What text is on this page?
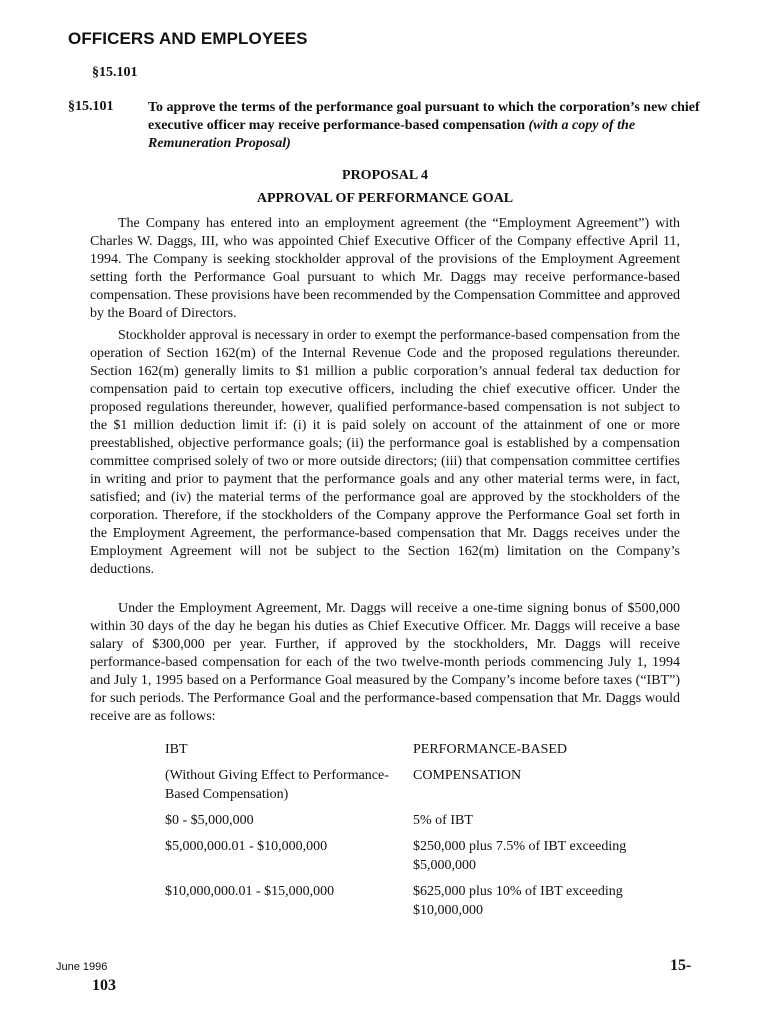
OFFICERS AND EMPLOYEES
§15.101
§15.101 To approve the terms of the performance goal pursuant to which the corporation’s new chief executive officer may receive performance-based compensation (with a copy of the Remuneration Proposal)
PROPOSAL 4
APPROVAL OF PERFORMANCE GOAL
The Company has entered into an employment agreement (the “Employment Agreement”) with Charles W. Daggs, III, who was appointed Chief Executive Officer of the Company effective April 11, 1994. The Company is seeking stockholder approval of the provisions of the Employment Agreement setting forth the Performance Goal pursuant to which Mr. Daggs may receive performance-based compensation. These provisions have been recommended by the Compensation Committee and approved by the Board of Directors.
Stockholder approval is necessary in order to exempt the performance-based compensation from the operation of Section 162(m) of the Internal Revenue Code and the proposed regulations thereunder. Section 162(m) generally limits to $1 million a public corporation’s annual federal tax deduction for compensation paid to certain top executive officers, including the chief executive officer. Under the proposed regulations thereunder, however, qualified performance-based compensation is not subject to the $1 million deduction limit if: (i) it is paid solely on account of the attainment of one or more preestablished, objective performance goals; (ii) the performance goal is established by a compensation committee comprised solely of two or more outside directors; (iii) that compensation committee certifies in writing and prior to payment that the performance goals and any other material terms were, in fact, satisfied; and (iv) the material terms of the performance goal are approved by the stockholders of the corporation. Therefore, if the stockholders of the Company approve the Performance Goal set forth in the Employment Agreement, the performance-based compensation that Mr. Daggs receives under the Employment Agreement will not be subject to the Section 162(m) limitation on the Company’s deductions.
Under the Employment Agreement, Mr. Daggs will receive a one-time signing bonus of $500,000 within 30 days of the day he began his duties as Chief Executive Officer. Mr. Daggs will receive a base salary of $300,000 per year. Further, if approved by the stockholders, Mr. Daggs will receive performance-based compensation for each of the two twelve-month periods commencing July 1, 1994 and July 1, 1995 based on a Performance Goal measured by the Company’s income before taxes (“IBT”) for such periods. The Performance Goal and the performance-based compensation that Mr. Daggs would receive are as follows:
IBT	PERFORMANCE-BASED
(Without Giving Effect to Performance-Based Compensation)	COMPENSATION
$0 - $5,000,000	5% of IBT
$5,000,000.01 - $10,000,000	$250,000 plus 7.5% of IBT exceeding $5,000,000
$10,000,000.01 - $15,000,000	$625,000 plus 10% of IBT exceeding $10,000,000
June 1996
103
15-
